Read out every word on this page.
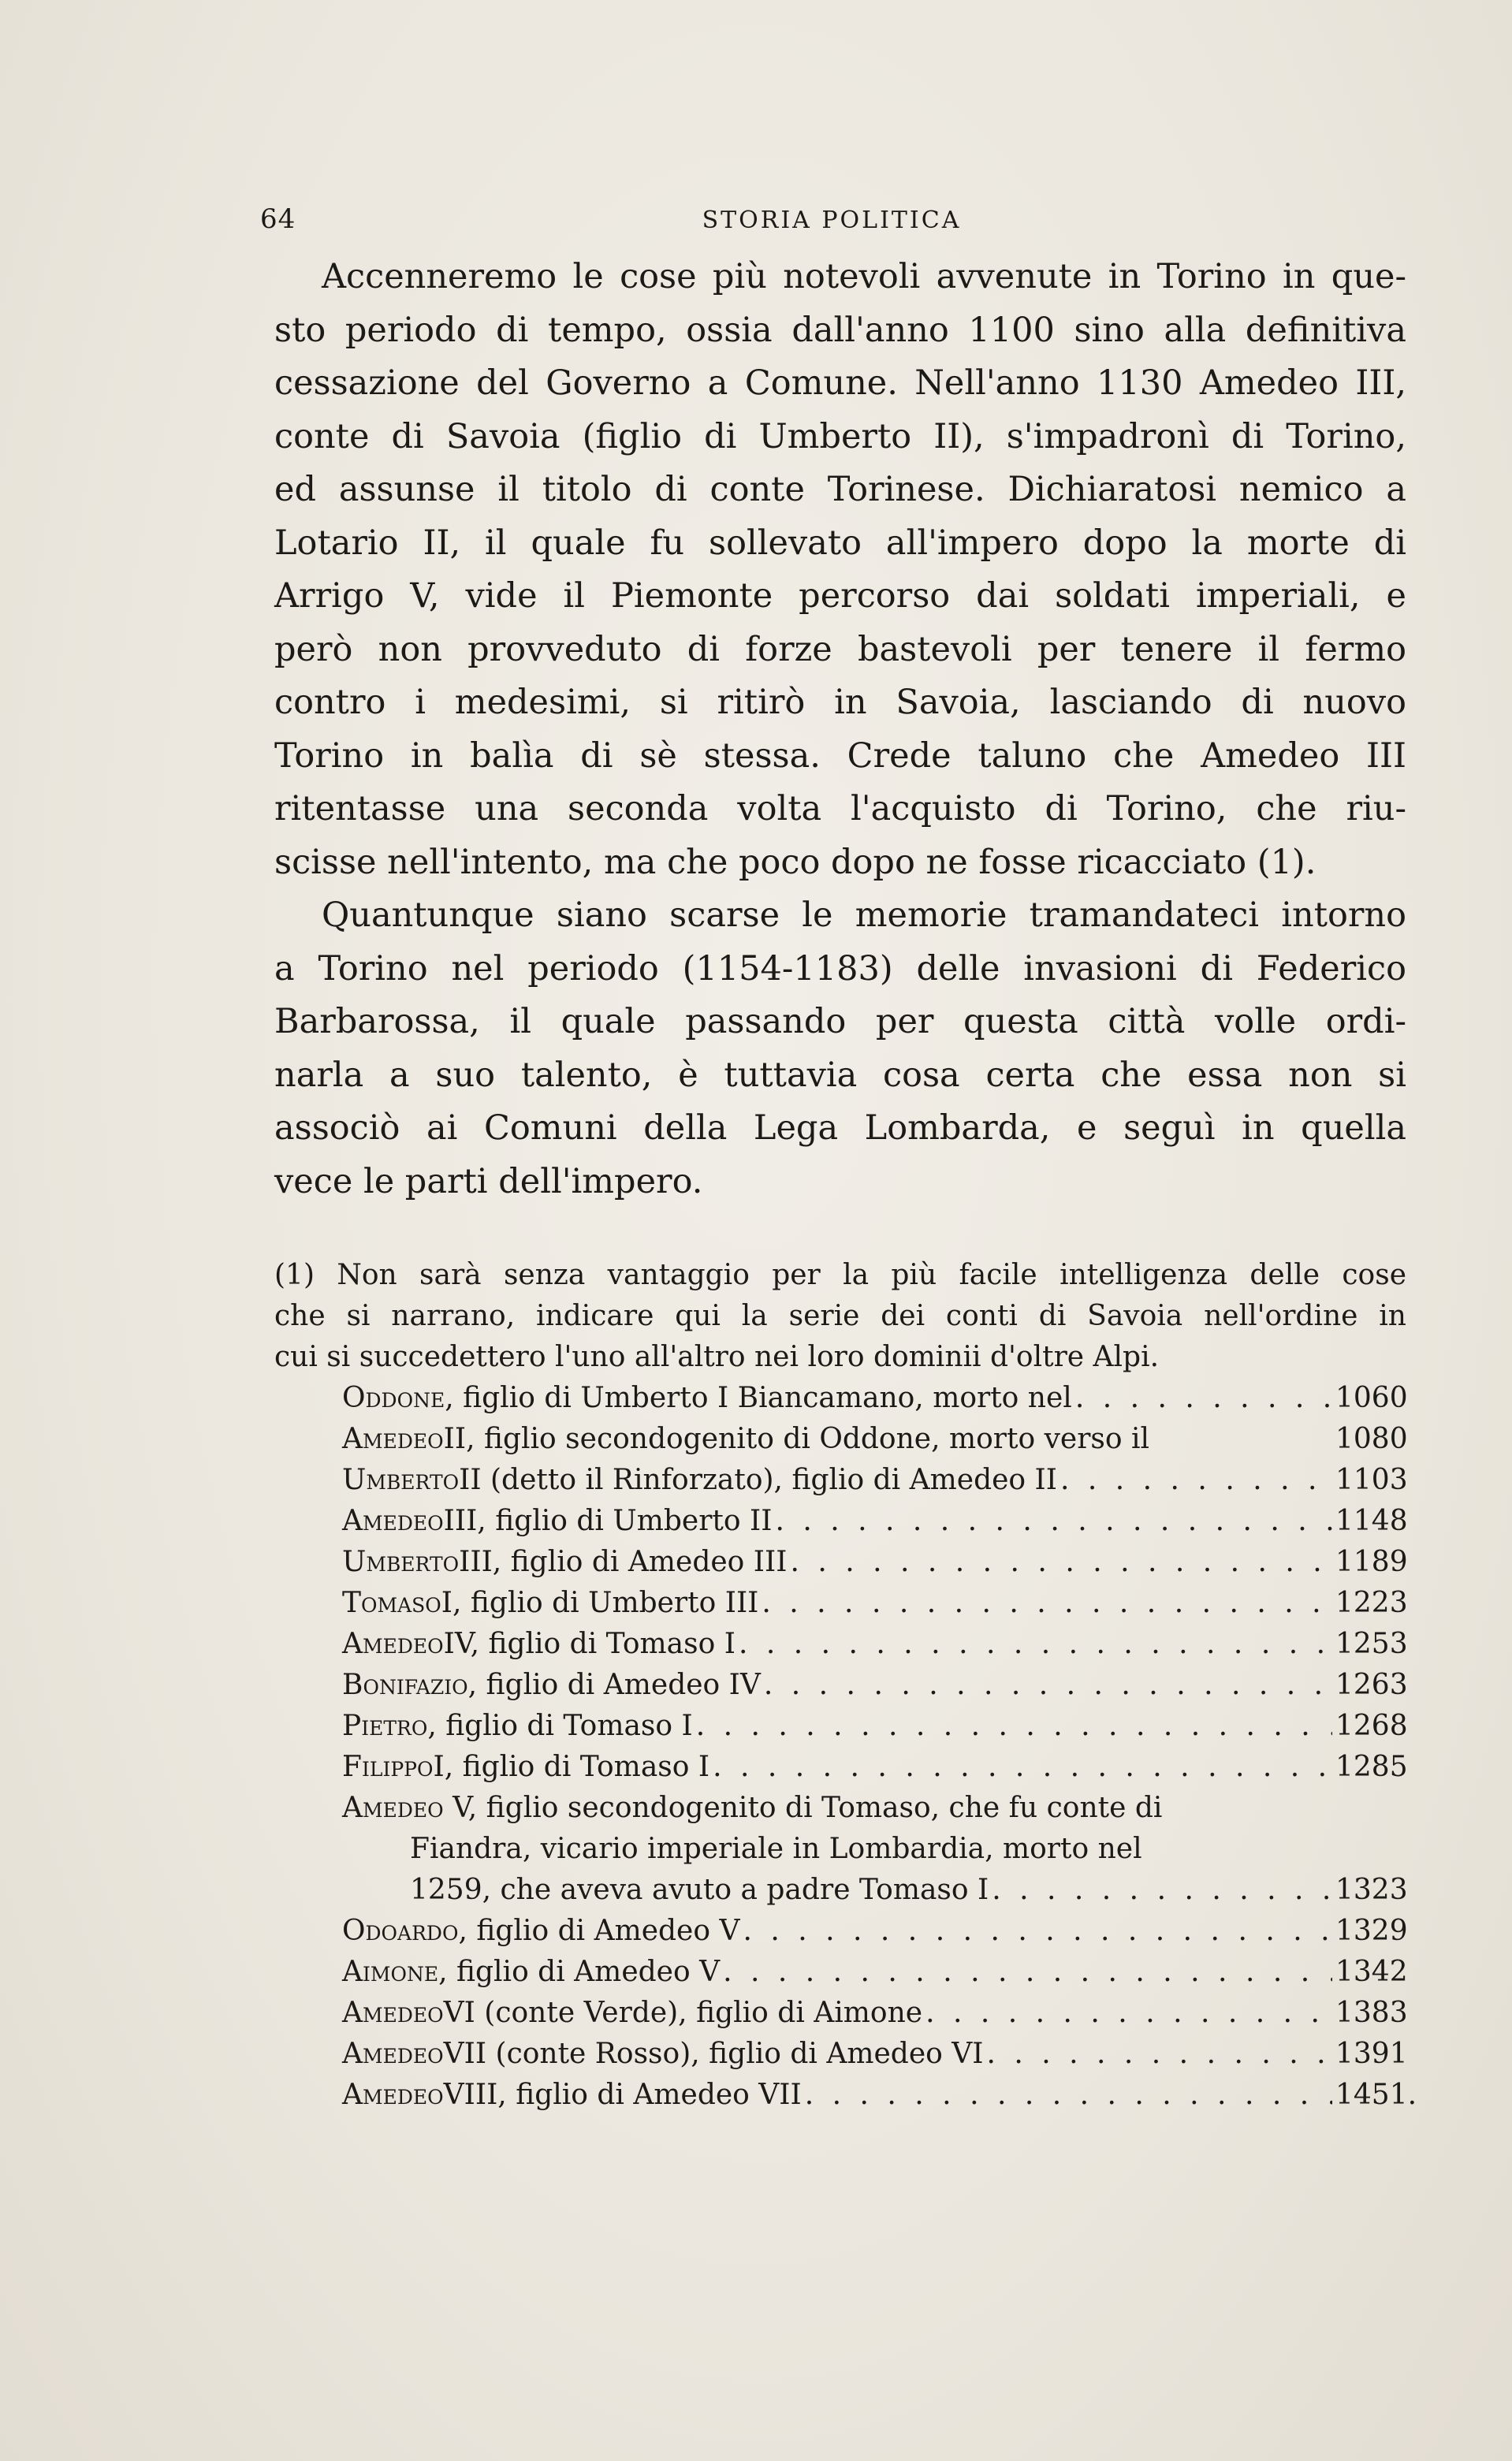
64	STORIA POLITICA
Accenneremo le cose più notevoli avvenute in Torino in que-
sto periodo di tempo, ossia dall'anno 1100 sino alla definitiva
cessazione del Governo a Comune. Nell'anno 1130 Amedeo III,
conte di Savoia (figlio di Umberto II), s'impadronì di Torino,
ed assunse il titolo di conte Torinese. Dichiaratosi nemico a
Lotario II, il quale fu sollevato all'impero dopo la morte di
Arrigo V, vide il Piemonte percorso dai soldati imperiali, e
però non provveduto di forze bastevoli per tenere il fermo
contro i medesimi, si ritirò in Savoia, lasciando di nuovo
Torino in balìa di sè stessa. Crede taluno che Amedeo III
ritentasse una seconda volta l'acquisto di Torino, che riu-
scisse nell'intento, ma che poco dopo ne fosse ricacciato (1).
Quantunque siano scarse le memorie tramandateci intorno
a Torino nel periodo (1154-1183) delle invasioni di Federico
Barbarossa, il quale passando per questa città volle ordi-
narla a suo talento, è tuttavia cosa certa che essa non si
associò ai Comuni della Lega Lombarda, e seguì in quella
vece le parti dell'impero.
(1) Non sarà senza vantaggio per la più facile intelligenza delle cose
che si narrano, indicare qui la serie dei conti di Savoia nell'ordine in
cui si succedettero l'uno all'altro nei loro dominii d'oltre Alpi.
Oddone , figlio di Umberto I Biancamano, morto nel . . .	1060
Amedeo II, figlio secondogenito di Oddone, morto verso il	1080
Umberto II (detto il Rinforzato), figlio di Amedeo II . . .	1103
Amedeo III, figlio di Umberto II . . .	1148
Umberto III, figlio di Amedeo III . . .	1189
Tomaso I, figlio di Umberto III . . .	1223
Amedeo IV, figlio di Tomaso I . . .	1253
Bonifazio , figlio di Amedeo IV . . .	1263
Pietro , figlio di Tomaso I . . .	1268
Filippo I, figlio di Tomaso I . . .	1285
Amedeo V, figlio secondogenito di Tomaso, che fu conte di
Fiandra, vicario imperiale in Lombardia, morto nel
1259, che aveva avuto a padre Tomaso I . . .	1323
Odoardo , figlio di Amedeo V . . .	1329
Aimone , figlio di Amedeo V . . .	1342
Amedeo VI (conte Verde), figlio di Aimone . . .	1383
Amedeo VII (conte Rosso), figlio di Amedeo VI . . .	1391
Amedeo VIII, figlio di Amedeo VII . . .	1451.
